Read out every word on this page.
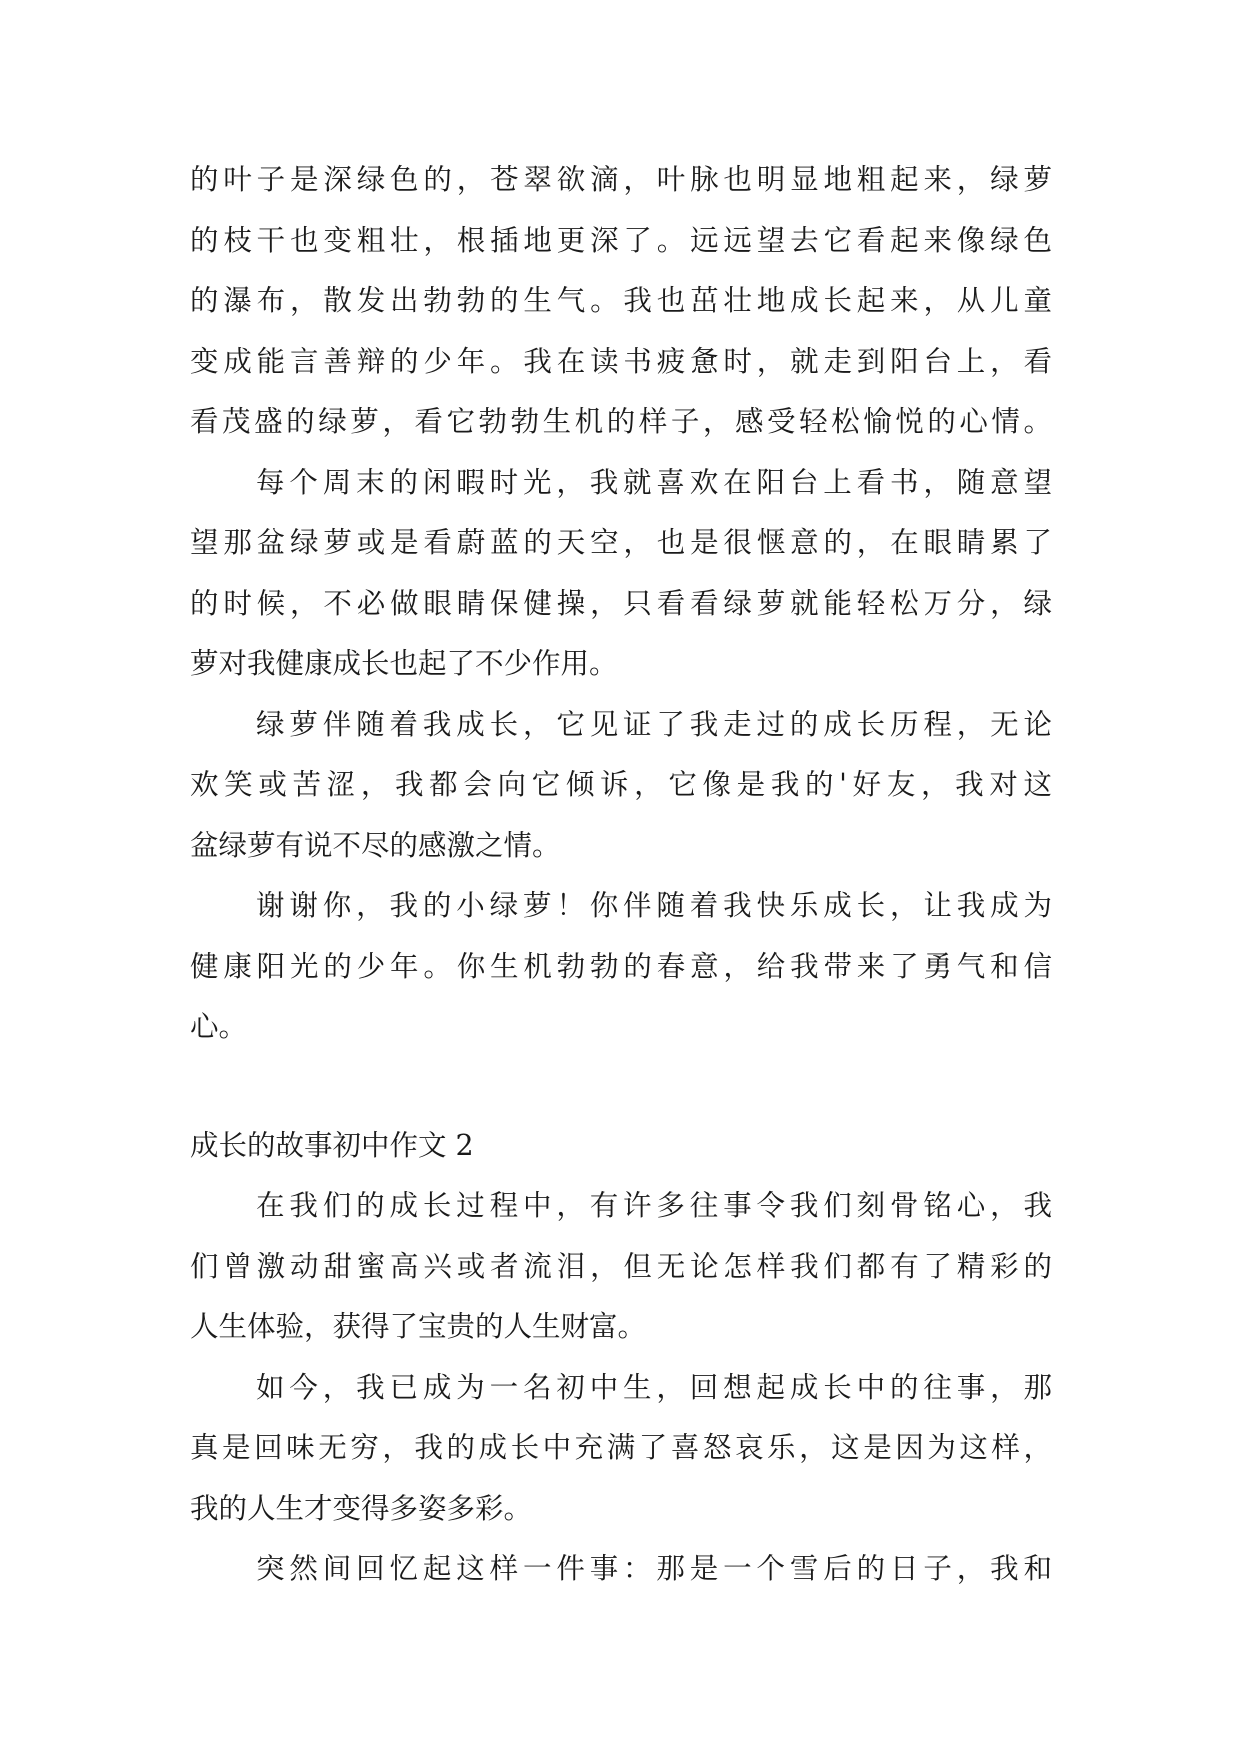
的叶子是深绿色的，苍翠欲滴，叶脉也明显地粗起来，绿萝
的枝干也变粗壮，根插地更深了。远远望去它看起来像绿色
的瀑布，散发出勃勃的生气。我也茁壮地成长起来，从儿童
变成能言善辩的少年。我在读书疲惫时，就走到阳台上，看
看茂盛的绿萝，看它勃勃生机的样子，感受轻松愉悦的心情。
每个周末的闲暇时光，我就喜欢在阳台上看书，随意望
望那盆绿萝或是看蔚蓝的天空，也是很惬意的，在眼睛累了
的时候，不必做眼睛保健操，只看看绿萝就能轻松万分，绿
萝对我健康成长也起了不少作用。
绿萝伴随着我成长，它见证了我走过的成长历程，无论
欢笑或苦涩，我都会向它倾诉，它像是我的'好友，我对这
盆绿萝有说不尽的感激之情。
谢谢你，我的小绿萝！你伴随着我快乐成长，让我成为
健康阳光的少年。你生机勃勃的春意，给我带来了勇气和信
心。
成长的故事初中作文 2
在我们的成长过程中，有许多往事令我们刻骨铭心，我
们曾激动甜蜜高兴或者流泪，但无论怎样我们都有了精彩的
人生体验，获得了宝贵的人生财富。
如今，我已成为一名初中生，回想起成长中的往事，那
真是回味无穷，我的成长中充满了喜怒哀乐，这是因为这样，
我的人生才变得多姿多彩。
突然间回忆起这样一件事：那是一个雪后的日子，我和
